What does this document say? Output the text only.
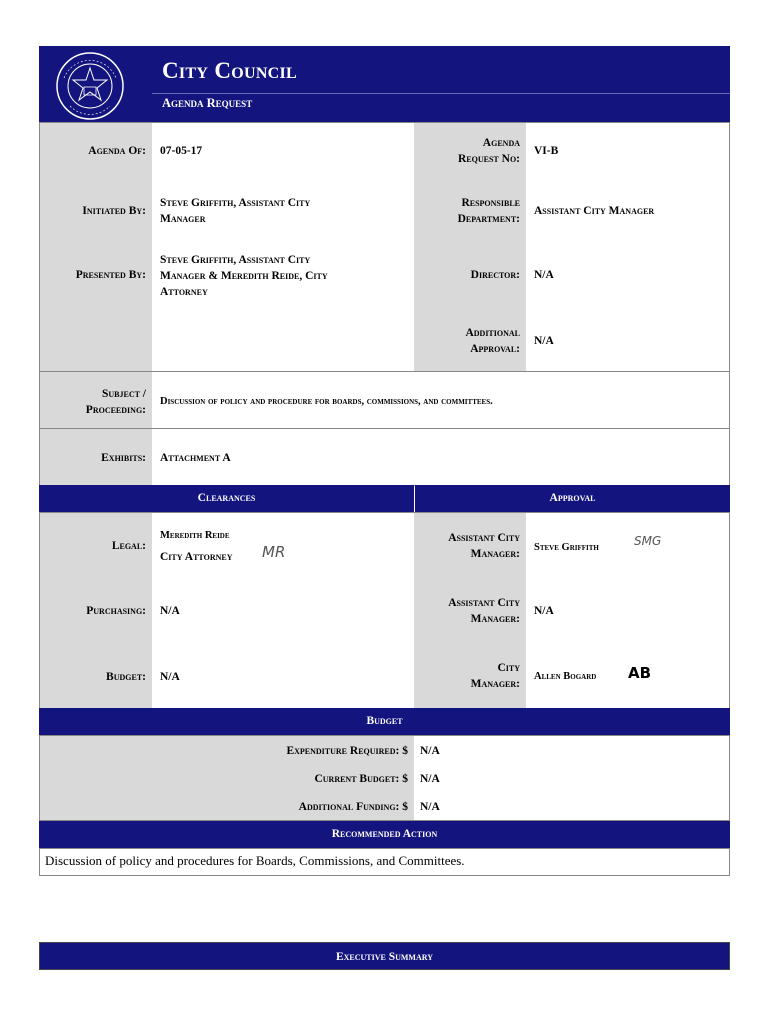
City Council
Agenda Request
Agenda Of: 07-05-17
Agenda
Request No:
VI-B
Initiated By:
Steve Griffith, Assistant City
Manager
Responsible
Department:
Assistant City Manager
Presented By:
Steve Griffith, Assistant City
Manager & Meredith Reide, City
Attorney
Director: N/A
Additional
Approval:
N/A
Subject /
Proceeding:
Discussion of policy and procedure for boards, commissions, and committees.
Exhibits: Attachment A
Clearances	Approval
Legal:
Meredith Reide
City Attorney	MR
Assistant City
Manager:
Steve Griffith	SMG
Purchasing: N/A
Assistant City
Manager:
N/A
Budget: N/A
City
Manager:
Allen Bogard	AB
Budget
Expenditure Required: $ N/A
Current Budget: $ N/A
Additional Funding: $ N/A
Recommended Action
Discussion of policy and procedures for Boards, Commissions, and Committees.
Executive Summary
